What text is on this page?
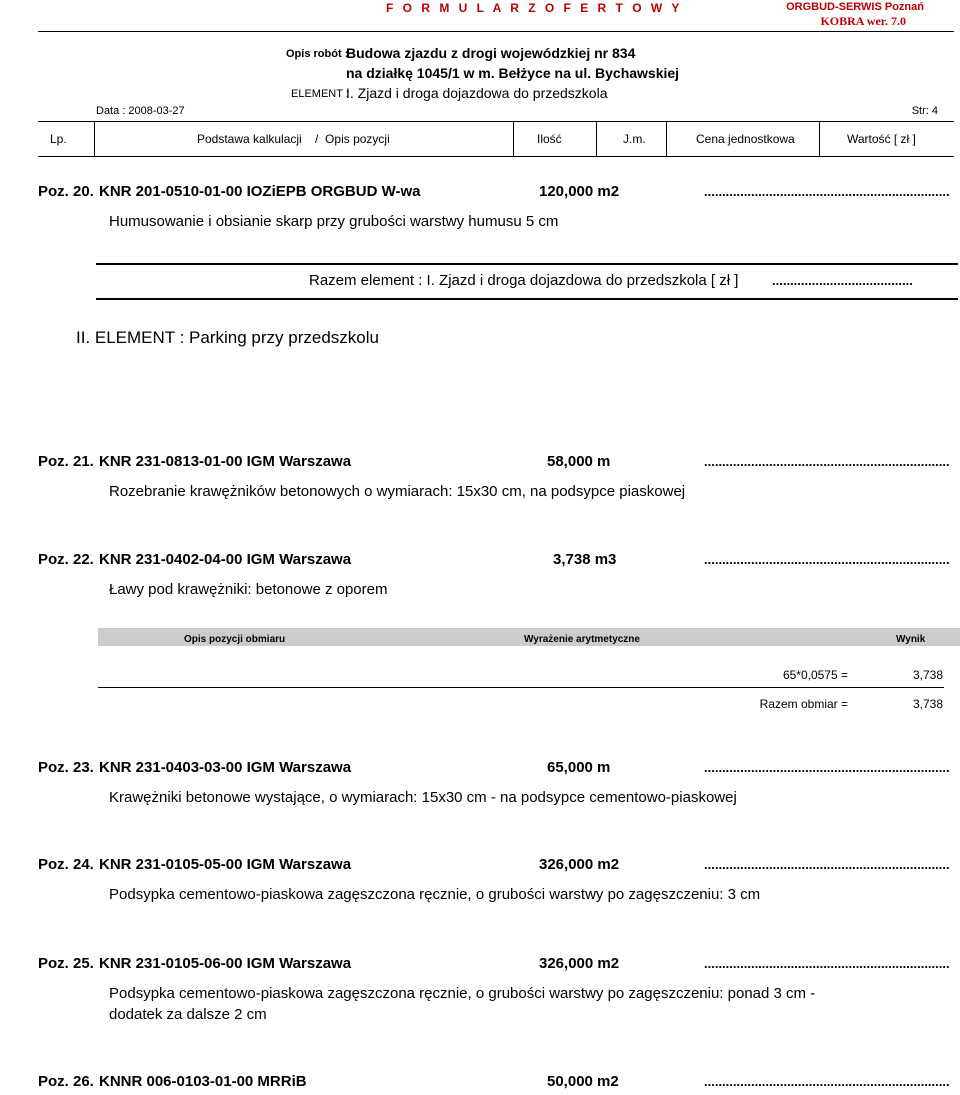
F O R M U L A R Z O F E R T O W Y	ORGBUD-SERWIS Poznań
KOBRA wer. 7.0
Opis robót :
Budowa zjazdu z drogi wojewódzkiej nr 834
na działkę 1045/1 w m. Bełżyce na ul. Bychawskiej
ELEMENT :
I. Zjazd i droga dojazdowa do przedszkola
Data : 2008-03-27	Str: 4
Lp.	Podstawa kalkulacji    /  Opis pozycji	Ilość	J.m.	Cena jednostkowa	Wartość [ zł ]
Poz. 20. KNR 201-0510-01-00 IOZiEPB ORGBUD W-wa	120,000 m2	....................................................................
Humusowanie i obsianie skarp przy grubości warstwy humusu 5 cm
Razem element : I. Zjazd i droga dojazdowa do przedszkola [ zł ]	.......................................
II. ELEMENT : Parking przy przedszkolu
Poz. 21. KNR 231-0813-01-00 IGM Warszawa	58,000 m	....................................................................
Rozebranie krawężników betonowych o wymiarach: 15x30 cm, na podsypce piaskowej
Poz. 22. KNR 231-0402-04-00 IGM Warszawa	3,738 m3	....................................................................
Ławy pod krawężniki: betonowe z oporem
Opis pozycji obmiaru	Wyrażenie arytmetyczne	Wynik
65*0,0575 =	3,738
Razem obmiar =	3,738
Poz. 23. KNR 231-0403-03-00 IGM Warszawa	65,000 m	....................................................................
Krawężniki betonowe wystające, o wymiarach: 15x30 cm - na podsypce cementowo-piaskowej
Poz. 24. KNR 231-0105-05-00 IGM Warszawa	326,000 m2	....................................................................
Podsypka cementowo-piaskowa zagęszczona ręcznie, o grubości warstwy po zagęszczeniu: 3 cm
Poz. 25. KNR 231-0105-06-00 IGM Warszawa	326,000 m2	....................................................................
Podsypka cementowo-piaskowa zagęszczona ręcznie, o grubości warstwy po zagęszczeniu: ponad 3 cm -
dodatek za dalsze 2 cm
Poz. 26. KNNR 006-0103-01-00 MRRiB	50,000 m2	....................................................................
